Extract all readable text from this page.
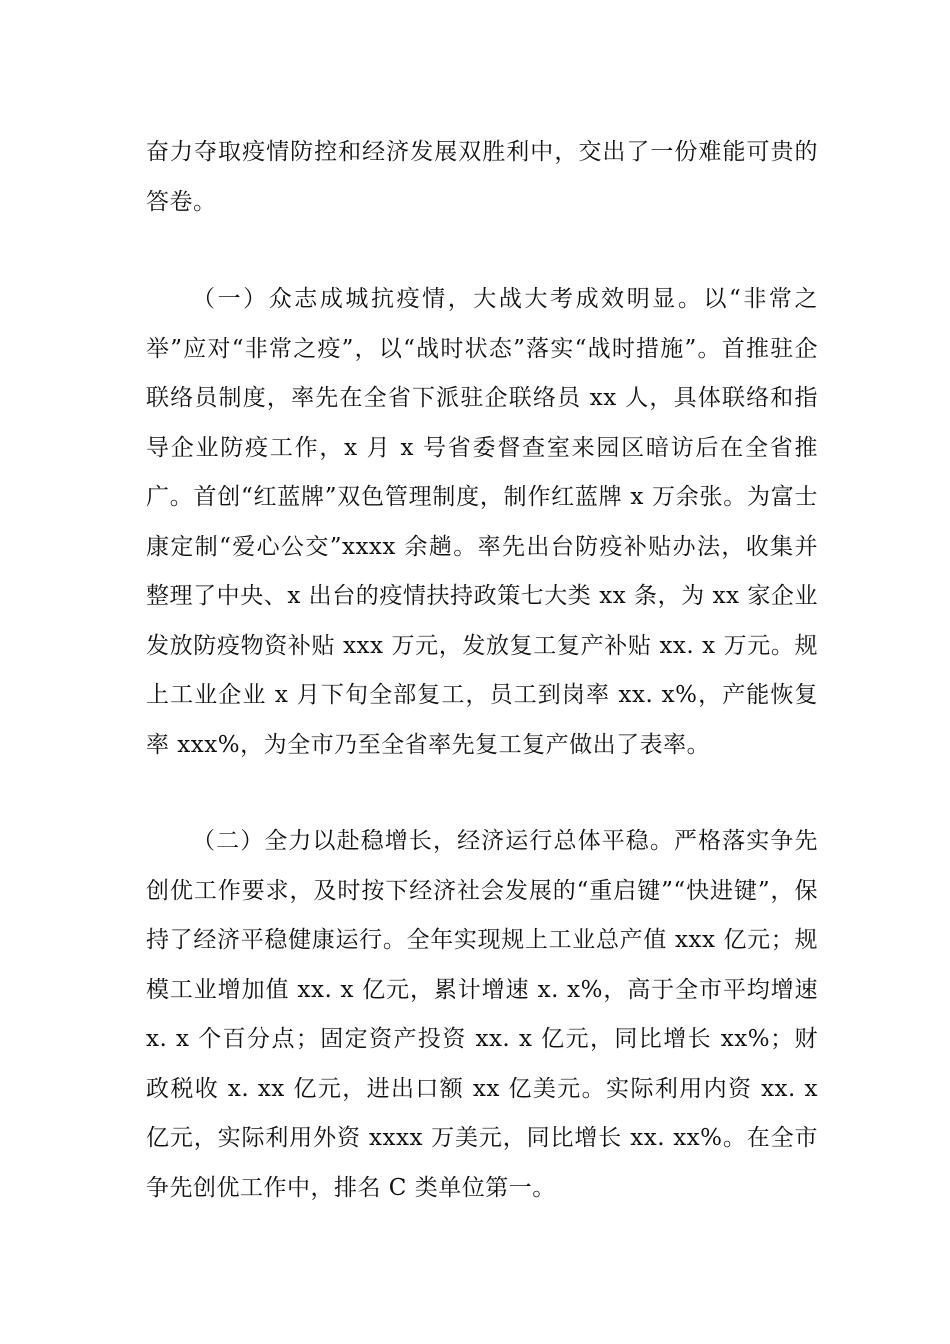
奋力夺取疫情防控和经济发展双胜利中，交出了一份难能可贵的答卷。

（一）众志成城抗疫情，大战大考成效明显。以“非常之举”应对“非常之疫”，以“战时状态”落实“战时措施”。首推驻企联络员制度，率先在全省下派驻企联络员 xx 人，具体联络和指导企业防疫工作，x 月 x 号省委督查室来园区暗访后在全省推广。首创“红蓝牌”双色管理制度，制作红蓝牌 x 万余张。为富士康定制“爱心公交”xxxx 余趟。率先出台防疫补贴办法，收集并整理了中央、x 出台的疫情扶持政策七大类 xx 条，为 xx 家企业发放防疫物资补贴 xxx 万元，发放复工复产补贴 xx. x 万元。规上工业企业 x 月下旬全部复工，员工到岗率 xx. x%，产能恢复率 xxx%，为全市乃至全省率先复工复产做出了表率。

（二）全力以赴稳增长，经济运行总体平稳。严格落实争先创优工作要求，及时按下经济社会发展的“重启键”“快进键”，保持了经济平稳健康运行。全年实现规上工业总产值 xxx 亿元；规模工业增加值 xx. x 亿元，累计增速 x. x%，高于全市平均增速 x. x 个百分点；固定资产投资 xx. x 亿元，同比增长 xx%；财政税收 x. xx 亿元，进出口额 xx 亿美元。实际利用内资 xx. x 亿元，实际利用外资 xxxx 万美元，同比增长 xx. xx%。在全市争先创优工作中，排名 C 类单位第一。
